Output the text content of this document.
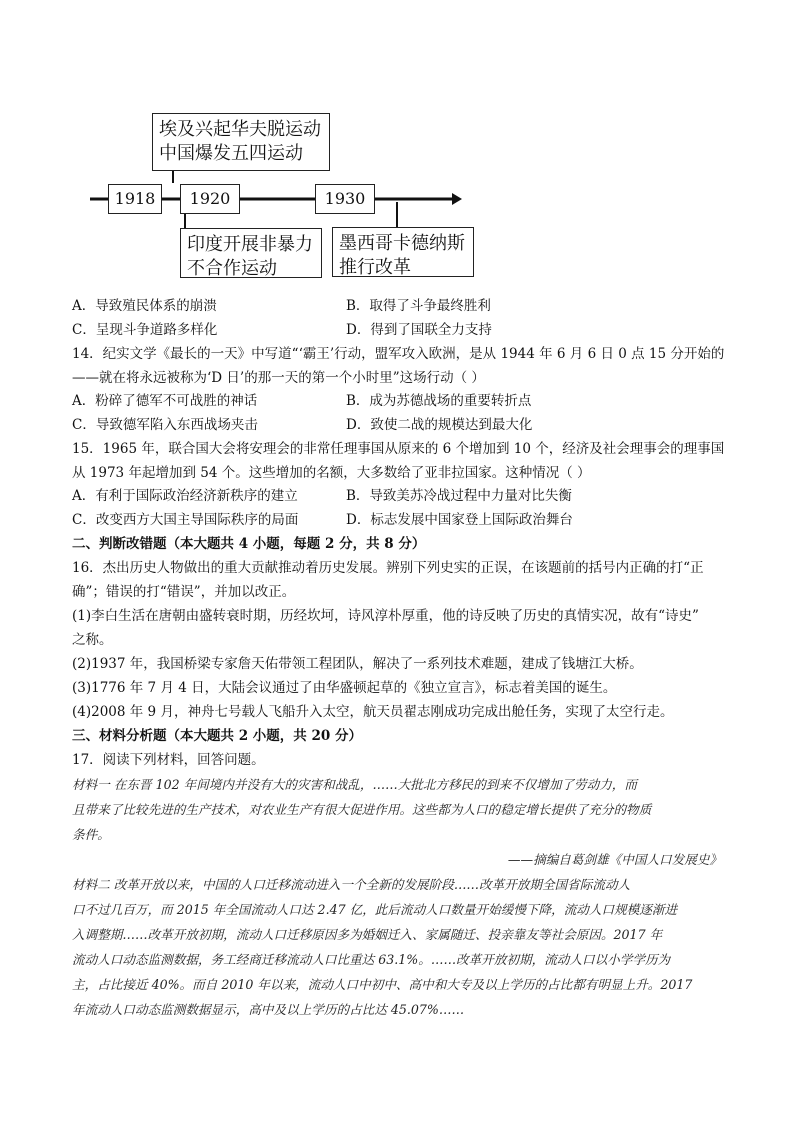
埃及兴起华夫脱运动
中国爆发五四运动
1918	1920	1930
印度开展非暴力
不合作运动
墨西哥卡德纳斯
推行改革
A．导致殖民体系的崩溃	B．取得了斗争最终胜利
C．呈现斗争道路多样化	D．得到了国联全力支持
14．纪实文学《最长的一天》中写道“‘霸王’行动，盟军攻入欧洲，是从 1944 年 6 月 6 日 0 点 15 分开始的
——就在将永远被称为‘D 日’的那一天的第一个小时里”这场行动（ ）
A．粉碎了德军不可战胜的神话	B．成为苏德战场的重要转折点
C．导致德军陷入东西战场夹击	D．致使二战的规模达到最大化
15．1965 年，联合国大会将安理会的非常任理事国从原来的 6 个增加到 10 个，经济及社会理事会的理事国
从 1973 年起增加到 54 个。这些增加的名额，大多数给了亚非拉国家。这种情况（ ）
A．有利于国际政治经济新秩序的建立	B．导致美苏冷战过程中力量对比失衡
C．改变西方大国主导国际秩序的局面	D．标志发展中国家登上国际政治舞台
二、判断改错题（本大题共 4 小题，每题 2 分，共 8 分）
16．杰出历史人物做出的重大贡献推动着历史发展。辨别下列史实的正误，在该题前的括号内正确的打“正
确”；错误的打“错误”，并加以改正。
(1)李白生活在唐朝由盛转衰时期，历经坎坷，诗风淳朴厚重，他的诗反映了历史的真情实况，故有“诗史”
之称。
(2)1937 年，我国桥梁专家詹天佑带领工程团队，解决了一系列技术难题，建成了钱塘江大桥。
(3)1776 年 7 月 4 日，大陆会议通过了由华盛顿起草的《独立宣言》，标志着美国的诞生。
(4)2008 年 9 月，神舟七号载人飞船升入太空，航天员翟志刚成功完成出舱任务，实现了太空行走。
三、材料分析题（本大题共 2 小题，共 20 分）
17．阅读下列材料，回答问题。
材料一 在东晋 102 年间境内并没有大的灾害和战乱，……大批北方移民的到来不仅增加了劳动力，而
且带来了比较先进的生产技术，对农业生产有很大促进作用。这些都为人口的稳定增长提供了充分的物质
条件。
——摘编自葛剑雄《中国人口发展史》
材料二 改革开放以来，中国的人口迁移流动进入一个全新的发展阶段……改革开放期全国省际流动人
口不过几百万，而 2015 年全国流动人口达 2.47 亿，此后流动人口数量开始缓慢下降，流动人口规模逐渐进
入调整期……改革开放初期，流动人口迁移原因多为婚姻迁入、家属随迁、投亲靠友等社会原因。2017 年
流动人口动态监测数据，务工经商迁移流动人口比重达 63.1%。……改革开放初期，流动人口以小学学历为
主，占比接近 40%。而自 2010 年以来，流动人口中初中、高中和大专及以上学历的占比都有明显上升。2017
年流动人口动态监测数据显示，高中及以上学历的占比达 45.07%……
